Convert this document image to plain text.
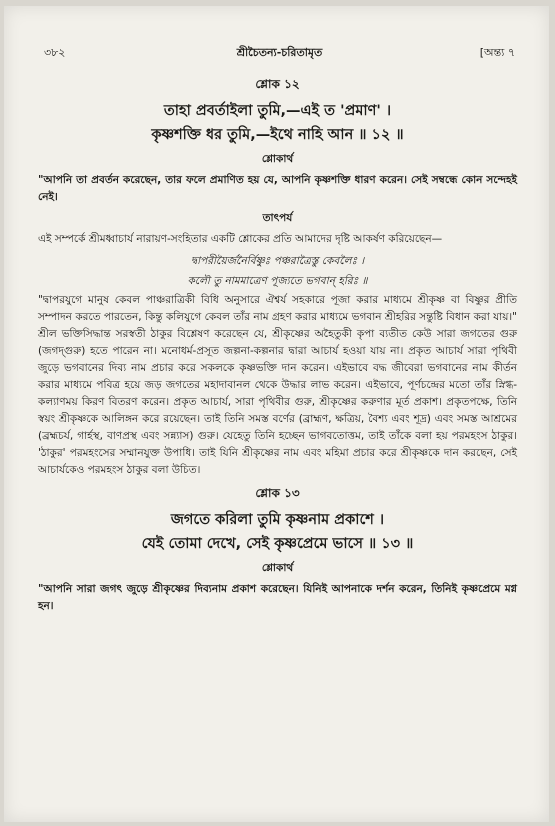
৩৮২	শ্রীচৈতন্য-চরিতামৃত	[অন্ত্য ৭
শ্লোক ১২
তাহা প্রবর্তাইলা তুমি,—এই ত 'প্রমাণ' ।
কৃষ্ণশক্তি ধর তুমি,—ইথে নাহি আন ॥ ১২ ॥
শ্লোকার্থ

"আপনি তা প্রবর্তন করেছেন, তার ফলে প্রমাণিত হয় যে, আপনি কৃষ্ণশক্তি ধারণ করেন। সেই সম্বন্ধে কোন সন্দেহই নেই।

তাৎপর্য

এই সম্পর্কে শ্রীমধ্বাচার্য নারায়ণ-সংহিতার একটি শ্লোকের প্রতি আমাদের দৃষ্টি আকর্ষণ করিয়েছেন—

দ্বাপরীয়ৈর্জনৈর্বিষ্ণুঃ পঞ্চরাত্রৈস্তু কেবলৈঃ ।
কলৌ তু নামমাত্রেণ পূজ্যতে ভগবান্ হরিঃ ॥

"দ্বাপরযুগে মানুষ কেবল পাঞ্চরাত্রিকী বিধি অনুসারে ঐশ্বর্য সহকারে পূজা করার মাধ্যমে শ্রীকৃষ্ণ বা বিষ্ণুর প্রীতি সম্পাদন করতে পারতেন, কিন্তু কলিযুগে কেবল তাঁর নাম গ্রহণ করার মাধ্যমে ভগবান শ্রীহরির সন্তুষ্টি বিধান করা যায়।" শ্রীল ভক্তিসিদ্ধান্ত সরস্বতী ঠাকুর বিশ্লেষণ করেছেন যে, শ্রীকৃষ্ণের অহৈতুকী কৃপা ব্যতীত কেউ সারা জগতের গুরু (জগদ্গুরু) হতে পারেন না। মনোধর্ম-প্রসূত জল্পনা-কল্পনার দ্বারা আচার্য হওয়া যায় না। প্রকৃত আচার্য সারা পৃথিবী জুড়ে ভগবানের দিব্য নাম প্রচার করে সকলকে কৃষ্ণভক্তি দান করেন। এইভাবে বদ্ধ জীবেরা ভগবানের নাম কীর্তন করার মাধ্যমে পবিত্র হয়ে জড় জগতের মহাদাবানল থেকে উদ্ধার লাভ করেন। এইভাবে, পূর্ণচন্দ্রের মতো তাঁর স্নিগ্ধ-কল্যাণময় কিরণ বিতরণ করেন। প্রকৃত আচার্য, সারা পৃথিবীর গুরু, শ্রীকৃষ্ণের করুণার মূর্ত প্রকাশ। প্রকৃতপক্ষে, তিনি স্বয়ং শ্রীকৃষ্ণকে আলিঙ্গন করে রয়েছেন। তাই তিনি সমস্ত বর্ণের (ব্রাহ্মণ, ক্ষত্রিয়, বৈশ্য এবং শূদ্র) এবং সমস্ত আশ্রমের (ব্রহ্মচর্য, গার্হস্থ, বাণপ্রস্থ এবং সন্ন্যাস) গুরু। যেহেতু তিনি হচ্ছেন ভাগবতোত্তম, তাই তাঁকে বলা হয় পরমহংস ঠাকুর। 'ঠাকুর' পরমহংসের সম্মানযুক্ত উপাধি। তাই যিনি শ্রীকৃষ্ণের নাম এবং মহিমা প্রচার করে শ্রীকৃষ্ণকে দান করছেন, সেই আচার্যকেও পরমহংস ঠাকুর বলা উচিত।

শ্লোক ১৩
জগতে করিলা তুমি কৃষ্ণনাম প্রকাশে ।
যেই তোমা দেখে, সেই কৃষ্ণপ্রেমে ভাসে ॥ ১৩ ॥
শ্লোকার্থ

"আপনি সারা জগৎ জুড়ে শ্রীকৃষ্ণের দিব্যনাম প্রকাশ করেছেন। যিনিই আপনাকে দর্শন করেন, তিনিই কৃষ্ণপ্রেমে মগ্ন হন।
